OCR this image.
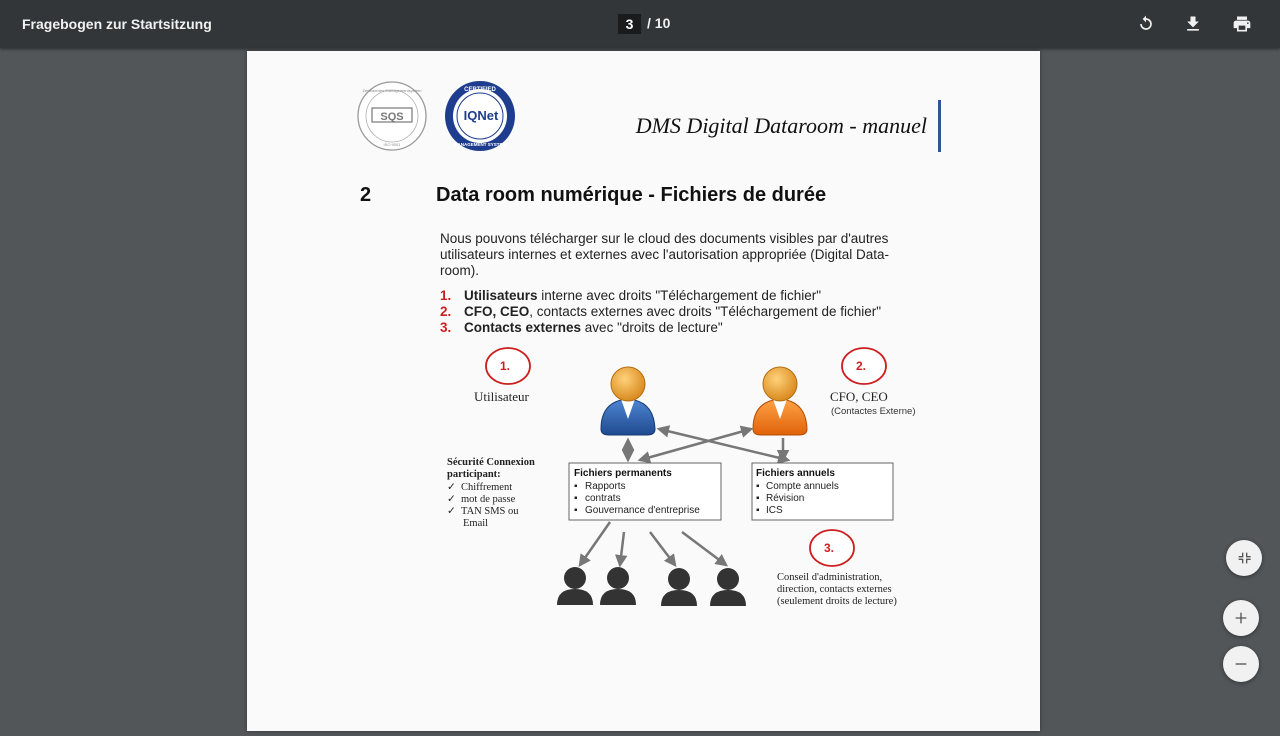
Fragebogen zur Startsitzung	3 / 10
SQS
Zertifiziertes Managementsystem
ISO 9001
CERTIFIED
IQNet
MANAGEMENT SYSTEM
DMS Digital Dataroom - manuel
2	Data room numérique - Fichiers de durée
Nous pouvons télécharger sur le cloud des documents visibles par d'autres
utilisateurs internes et externes avec l'autorisation appropriée (Digital Data-
room).
1. Utilisateurs interne avec droits "Téléchargement de fichier"
2. CFO, CEO, contacts externes avec droits "Téléchargement de fichier"
3. Contacts externes avec "droits de lecture"
1.	2.
3.
Utilisateur	CFO, CEO
(Contactes Externe)
Sécurité Connexion
participant:
✓ Chiffrement
✓ mot de passe
✓ TAN SMS ou
Email
Fichiers permanents
▪ Rapports
▪ contrats
▪ Gouvernance d'entreprise
Fichiers annuels
▪ Compte annuels
▪ Révision
▪ ICS
Conseil d'administration,
direction, contacts externes
(seulement droits de lecture)
